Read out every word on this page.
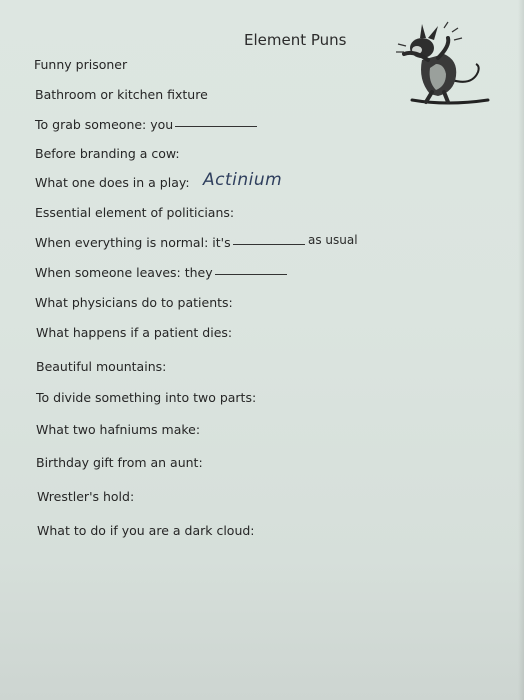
Element Puns
Funny prisoner
Bathroom or kitchen fixture
To grab someone: you
Before branding a cow:
What one does in a play: Actinium
Essential element of politicians:
When everything is normal: it's	as usual
When someone leaves: they
What physicians do to patients:
What happens if a patient dies:
Beautiful mountains:
To divide something into two parts:
What two hafniums make:
Birthday gift from an aunt:
Wrestler's hold:
What to do if you are a dark cloud:
